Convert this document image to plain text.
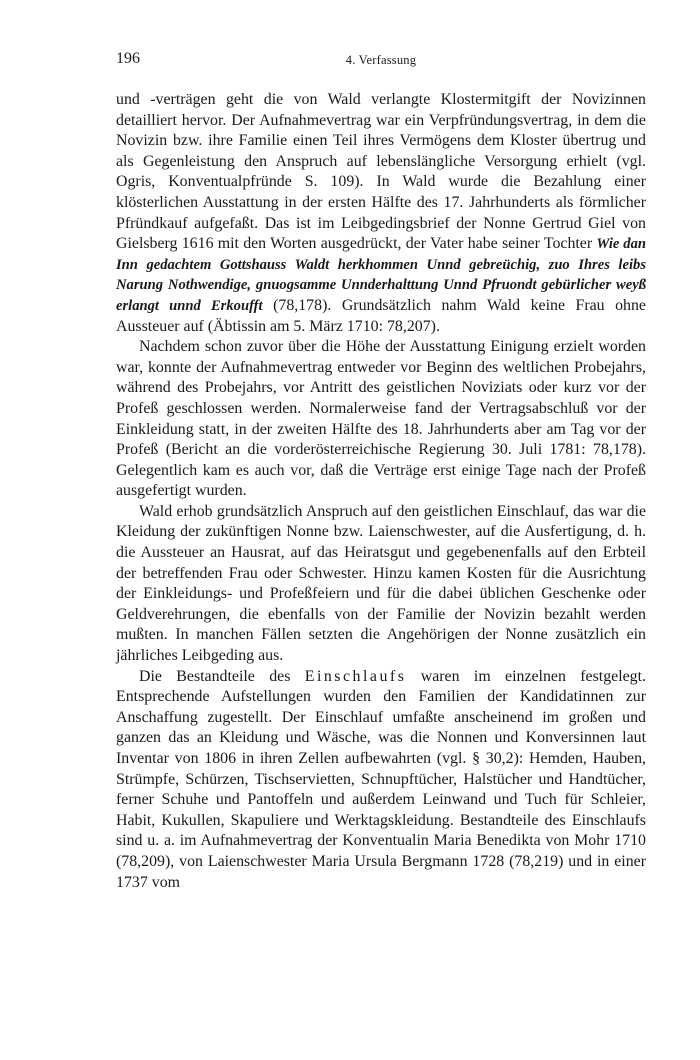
196	4. Verfassung

und -verträgen geht die von Wald verlangte Klostermitgift der Novizinnen detailliert hervor. Der Aufnahmevertrag war ein Verpfründungsvertrag, in dem die Novizin bzw. ihre Familie einen Teil ihres Vermögens dem Kloster übertrug und als Gegenleistung den Anspruch auf lebenslängliche Versorgung erhielt (vgl. Ogris, Konventualpfründe S. 109). In Wald wurde die Bezahlung einer klösterlichen Ausstattung in der ersten Hälfte des 17. Jahrhunderts als förmlicher Pfründkauf aufgefaßt. Das ist im Leibgedingsbrief der Nonne Gertrud Giel von Gielsberg 1616 mit den Worten ausgedrückt, der Vater habe seiner Tochter Wie dan Inn gedachtem Gottshauss Waldt herkhommen Unnd gebreüchig, zuo Ihres leibs Narung Nothwendige, gnuogsamme Unnderhalttung Unnd Pfruondt gebürlicher weyß erlangt unnd Erkoufft (78,178). Grundsätzlich nahm Wald keine Frau ohne Aussteuer auf (Äbtissin am 5. März 1710: 78,207).

Nachdem schon zuvor über die Höhe der Ausstattung Einigung erzielt worden war, konnte der Aufnahmevertrag entweder vor Beginn des weltlichen Probejahrs, während des Probejahrs, vor Antritt des geistlichen Noviziats oder kurz vor der Profeß geschlossen werden. Normalerweise fand der Vertragsabschluß vor der Einkleidung statt, in der zweiten Hälfte des 18. Jahrhunderts aber am Tag vor der Profeß (Bericht an die vorderösterreichische Regierung 30. Juli 1781: 78,178). Gelegentlich kam es auch vor, daß die Verträge erst einige Tage nach der Profeß ausgefertigt wurden.

Wald erhob grundsätzlich Anspruch auf den geistlichen Einschlauf, das war die Kleidung der zukünftigen Nonne bzw. Laienschwester, auf die Ausfertigung, d. h. die Aussteuer an Hausrat, auf das Heiratsgut und gegebenenfalls auf den Erbteil der betreffenden Frau oder Schwester. Hinzu kamen Kosten für die Ausrichtung der Einkleidungs- und Profeßfeiern und für die dabei üblichen Geschenke oder Geldverehrungen, die ebenfalls von der Familie der Novizin bezahlt werden mußten. In manchen Fällen setzten die Angehörigen der Nonne zusätzlich ein jährliches Leibgeding aus.

Die Bestandteile des Einschlaufs waren im einzelnen festgelegt. Entsprechende Aufstellungen wurden den Familien der Kandidatinnen zur Anschaffung zugestellt. Der Einschlauf umfaßte anscheinend im großen und ganzen das an Kleidung und Wäsche, was die Nonnen und Konversinnen laut Inventar von 1806 in ihren Zellen aufbewahrten (vgl. § 30,2): Hemden, Hauben, Strümpfe, Schürzen, Tischservietten, Schnupftücher, Halstücher und Handtücher, ferner Schuhe und Pantoffeln und außerdem Leinwand und Tuch für Schleier, Habit, Kukullen, Skapuliere und Werktagskleidung. Bestandteile des Einschlaufs sind u. a. im Aufnahmevertrag der Konventualin Maria Benedikta von Mohr 1710 (78,209), von Laienschwester Maria Ursula Bergmann 1728 (78,219) und in einer 1737 vom
